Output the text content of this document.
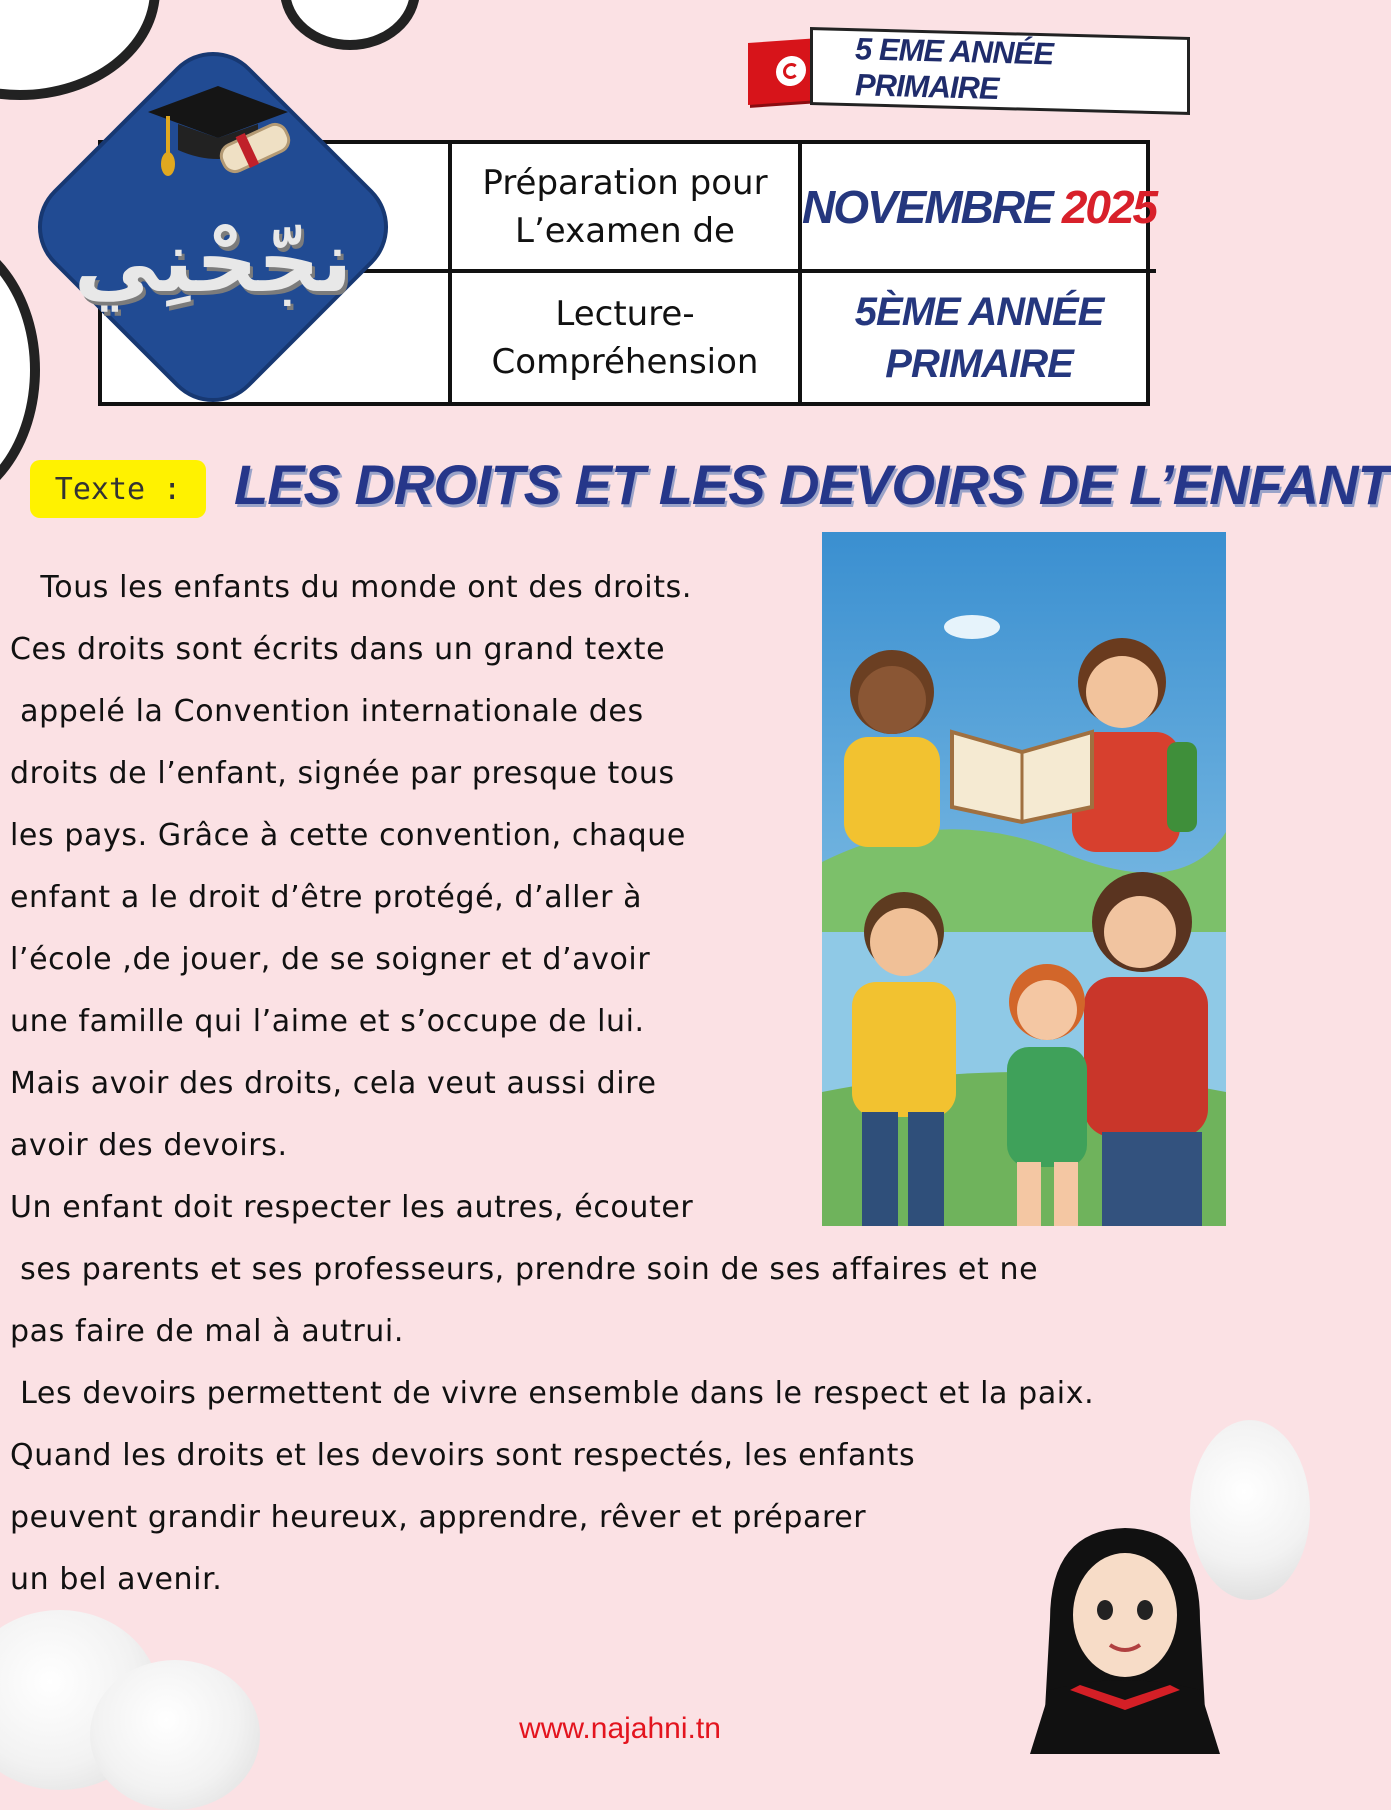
5 EME ANNÉE PRIMAIRE
Préparation pour
L’examen de	NOVEMBRE 2025
Lecture-
Compréhension
5ÈME ANNÉE
PRIMAIRE
نجّحْنِي
Texte : LES DROITS ET LES DEVOIRS DE L’ENFANT
Tous les enfants du monde ont des droits.
Ces droits sont écrits dans un grand texte
appelé la Convention internationale des
droits de l’enfant, signée par presque tous
les pays. Grâce à cette convention, chaque
enfant a le droit d’être protégé, d’aller à
l’école ,de jouer, de se soigner et d’avoir
une famille qui l’aime et s’occupe de lui.
Mais avoir des droits, cela veut aussi dire
avoir des devoirs.
Un enfant doit respecter les autres, écouter
ses parents et ses professeurs, prendre soin de ses affaires et ne
pas faire de mal à autrui.
Les devoirs permettent de vivre ensemble dans le respect et la paix.
Quand les droits et les devoirs sont respectés, les enfants
peuvent grandir heureux, apprendre, rêver et préparer
un bel avenir.
www.najahni.tn
